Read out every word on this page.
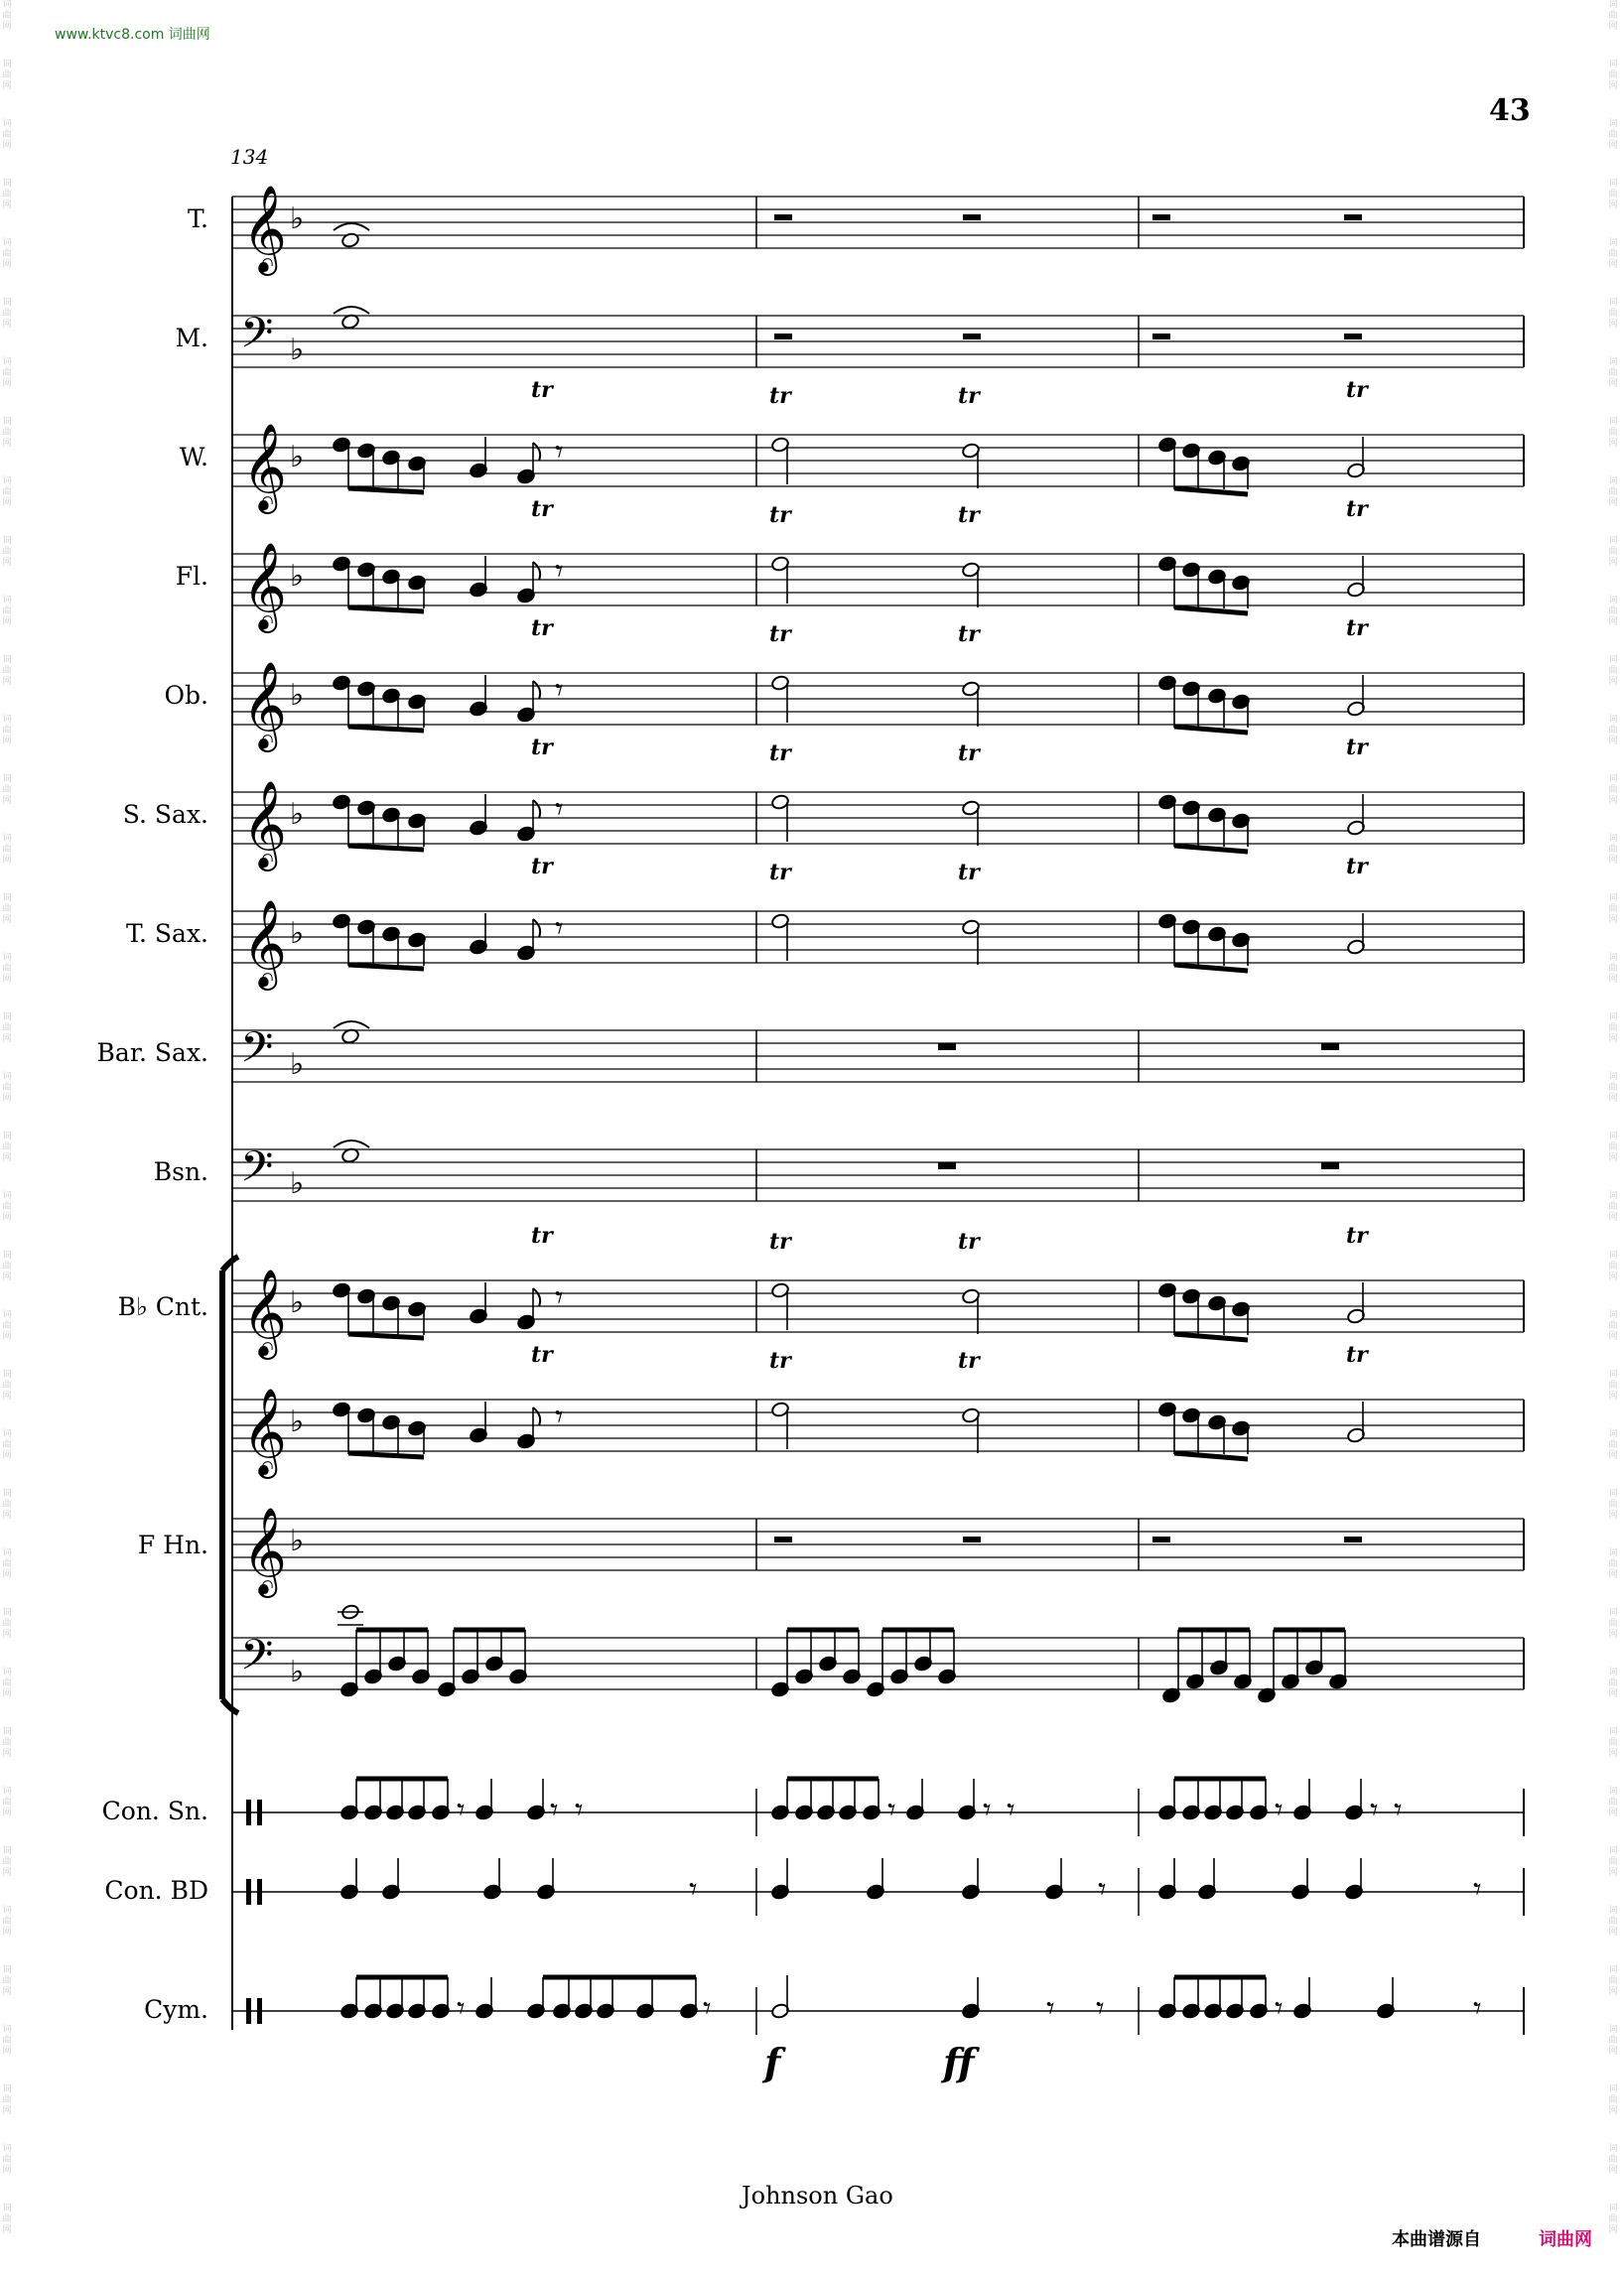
词
曲
网
词
曲
网
词
曲
网
词
曲
网
词
曲
网
词
曲
网
词
曲
网
词
曲
网
词
曲
网
词
曲
网
词
曲
网
词
曲
网
词
曲
网
词
曲
网
词
曲
网
词
曲
网
词
曲
网
词
曲
网
词
曲
网
词
曲
网
词
曲
网
词
曲
网
词
曲
网
词
曲
网
词
曲
网
词
曲
网
词
曲
网
词
曲
网
词
曲
网
词
曲
网
词
曲
网
词
曲
网
词
曲
网
词
曲
网
词
曲
网
词
曲
网
词
曲
网
词
曲
网
词
曲
网
词
曲
网
词
曲
网
词
曲
网
词
曲
网
词
曲
网
词
曲
网
词
曲
网
词
曲
网
词
曲
网
词
曲
网
词
曲
网
词
曲
网
词
曲
网
词
曲
网
词
曲
网
词
曲
网
词
曲
网
词
曲
网
词
曲
网
词
曲
网
词
曲
网
词
曲
网
词
曲
网
词
曲
网
词
曲
网
词
曲
网
词
曲
网
词
曲
网
词
曲
网
词
曲
网
词
曲
网
词
曲
网
词
曲
网
词
曲
网
词
曲
网
词
曲
网
词
曲
网
www.ktvc8.com 词曲网
43
134
𝄞 ♭
𝄢 ♭
𝄞 ♭
𝄞 ♭
𝄞 ♭
𝄞 ♭
𝄞 ♭
𝄢 ♭
𝄢 ♭
𝄞 ♭
𝄞 ♭
𝄞 ♭
𝄢 ♭
𝄾
tr	tr	tr	tr
tr	tr	tr	tr
𝄾
tr	tr	tr	tr
𝄾
tr	tr	tr	tr
𝄾
tr	tr	tr	tr
𝄾
𝄾
tr	tr	tr	tr
tr	tr	tr	tr
𝄾
𝄾	𝄾 𝄾	𝄾	𝄾 𝄾	𝄾	𝄾 𝄾
𝄾	𝄾	𝄾
𝄾	𝄾	𝄾 𝄾	𝄾	𝄾
T.
M.
W.
Fl.
Ob.
S. Sax.
T. Sax.
Bar. Sax.
Bsn.
B♭ Cnt.
F Hn.
Con. Sn.
Con. BD
Cym.
f	ff
Johnson Gao
本曲谱源自	词曲网
